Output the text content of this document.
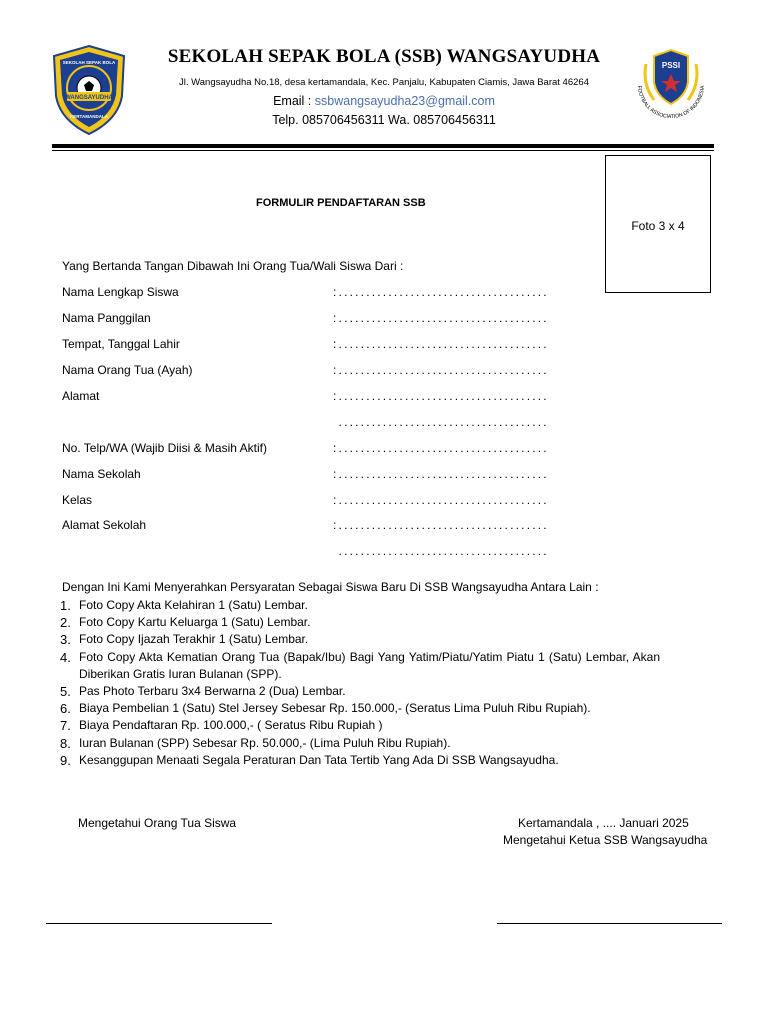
WANGSAYUDHA
SEKOLAH SEPAK BOLA
KERTAMANDALA
SEKOLAH SEPAK BOLA (SSB) WANGSAYUDHA
Jl. Wangsayudha No.18, desa kertamandala, Kec. Panjalu, Kabupaten Ciamis, Jawa Barat 46264
Email : ssbwangsayudha23@gmail.com
Telp. 085706456311 Wa. 085706456311
PSSI
FOOTBALL ASSOCIATION OF INDONESIA
Foto 3 x 4
FORMULIR PENDAFTARAN SSB
Yang Bertanda Tangan Dibawah Ini Orang Tua/Wali Siswa Dari :
Nama Lengkap Siswa	:......................................
Nama Panggilan	:......................................
Tempat, Tanggal Lahir	:......................................
Nama Orang Tua (Ayah)	:......................................
Alamat	:......................................
......................................
No. Telp/WA (Wajib Diisi & Masih Aktif)	:......................................
Nama Sekolah	:......................................
Kelas	:......................................
Alamat Sekolah	:......................................
......................................
Dengan Ini Kami Menyerahkan Persyaratan Sebagai Siswa Baru Di SSB Wangsayudha Antara Lain :
1. Foto Copy Akta Kelahiran 1 (Satu) Lembar.
2. Foto Copy Kartu Keluarga 1 (Satu) Lembar.
3. Foto Copy Ijazah Terakhir 1 (Satu) Lembar.
4. Foto Copy Akta Kematian Orang Tua (Bapak/Ibu) Bagi Yang Yatim/Piatu/Yatim Piatu 1 (Satu) Lembar, Akan Diberikan Gratis Iuran Bulanan (SPP).
5. Pas Photo Terbaru 3x4 Berwarna 2 (Dua) Lembar.
6. Biaya Pembelian 1 (Satu) Stel Jersey Sebesar Rp. 150.000,- (Seratus Lima Puluh Ribu Rupiah).
7. Biaya Pendaftaran Rp. 100.000,- ( Seratus Ribu Rupiah )
8. Iuran Bulanan (SPP) Sebesar Rp. 50.000,- (Lima Puluh Ribu Rupiah).
9. Kesanggupan Menaati Segala Peraturan Dan Tata Tertib Yang Ada Di SSB Wangsayudha.
Mengetahui Orang Tua Siswa	Kertamandala , .... Januari 2025
Mengetahui Ketua SSB Wangsayudha
